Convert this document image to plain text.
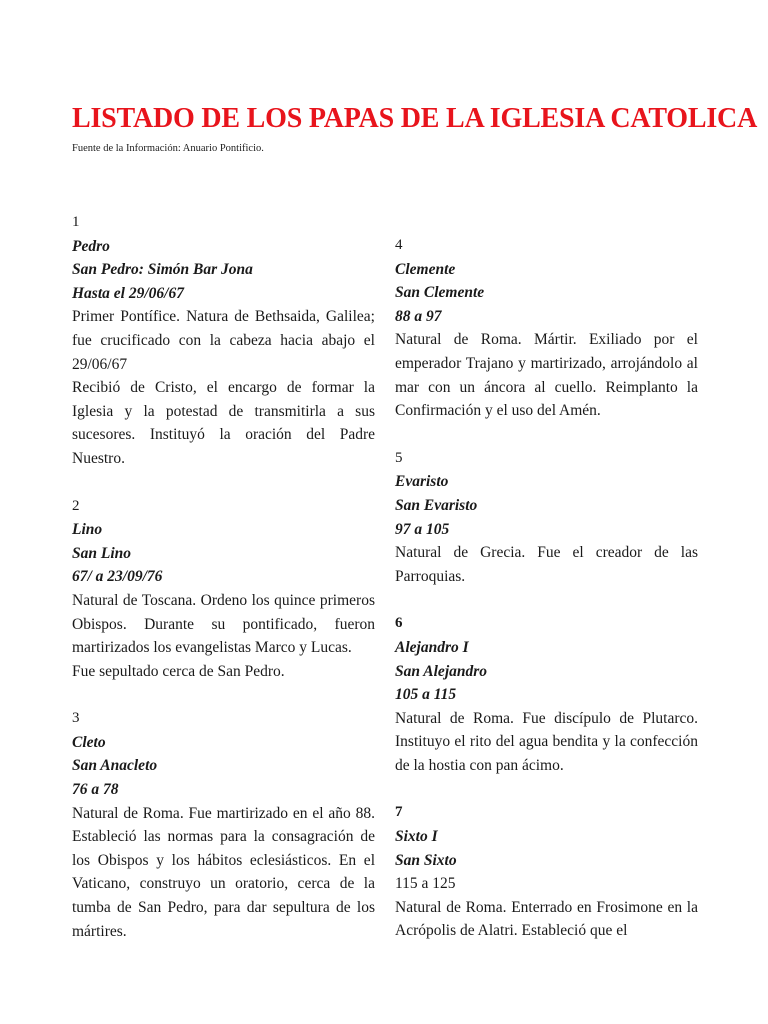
LISTADO DE LOS PAPAS DE LA IGLESIA CATOLICA

Fuente de la Información: Anuario Pontificio.

1
Pedro
San Pedro: Simón Bar Jona
Hasta el 29/06/67
Primer Pontífice. Natura de Bethsaida, Galilea; fue crucificado con la cabeza hacia abajo el 29/06/67
Recibió de Cristo, el encargo de formar la Iglesia y la potestad de transmitirla a sus sucesores. Instituyó la oración del Padre Nuestro.
2
Lino
San Lino
67/ a 23/09/76
Natural de Toscana. Ordeno los quince primeros Obispos. Durante su pontificado, fueron martirizados los evangelistas Marco y Lucas.
Fue sepultado cerca de San Pedro.
3
Cleto
San Anacleto
76 a 78
Natural de Roma. Fue martirizado en el año 88. Estableció las normas para la consagración de los Obispos y los hábitos eclesiásticos. En el Vaticano, construyo un oratorio, cerca de la tumba de San Pedro, para dar sepultura de los mártires.
4
Clemente
San Clemente
88 a 97
Natural de Roma. Mártir. Exiliado por el emperador Trajano y martirizado, arrojándolo al mar con un áncora al cuello. Reimplanto la Confirmación y el uso del Amén.
5
Evaristo
San Evaristo
97 a 105
Natural de Grecia. Fue el creador de las Parroquias.
6
Alejandro I
San Alejandro
105 a 115
Natural de Roma. Fue discípulo de Plutarco. Instituyo el rito del agua bendita y la confección de la hostia con pan ácimo.
7
Sixto I
San Sixto
115 a 125
Natural de Roma. Enterrado en Frosimone en la Acrópolis de Alatri. Estableció que el
